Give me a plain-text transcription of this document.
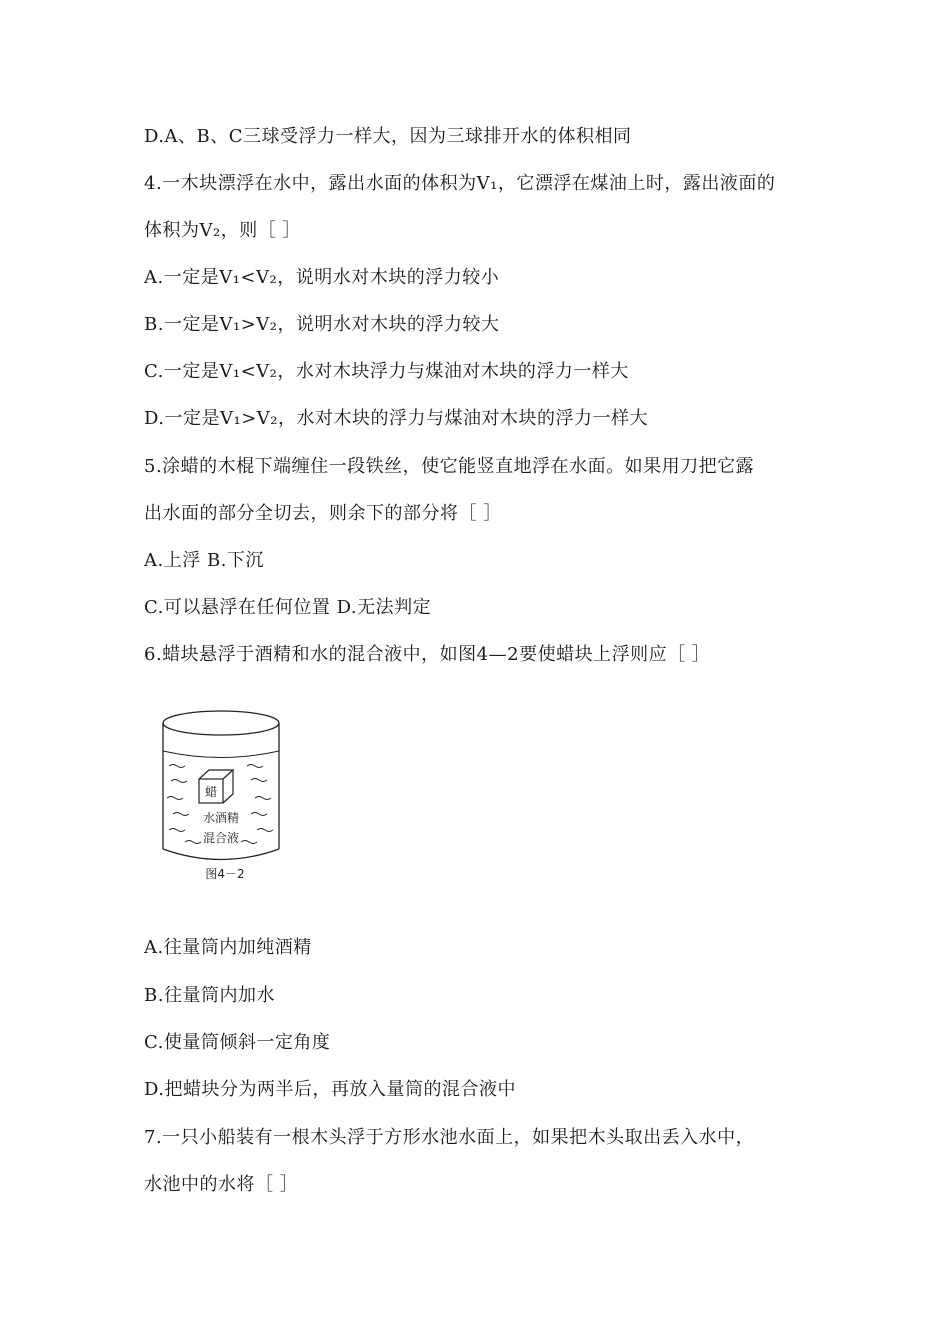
D.A、B、C三球受浮力一样大，因为三球排开水的体积相同
4.一木块漂浮在水中，露出水面的体积为V₁，它漂浮在煤油上时，露出液面的
体积为V₂，则［ ］
A.一定是V₁<V₂，说明水对木块的浮力较小
B.一定是V₁>V₂，说明水对木块的浮力较大
C.一定是V₁<V₂，水对木块浮力与煤油对木块的浮力一样大
D.一定是V₁>V₂，水对木块的浮力与煤油对木块的浮力一样大
5.涂蜡的木棍下端缠住一段铁丝，使它能竖直地浮在水面。如果用刀把它露
出水面的部分全切去，则余下的部分将［ ］
A.上浮 B.下沉
C.可以悬浮在任何位置 D.无法判定
6.蜡块悬浮于酒精和水的混合液中，如图4—2要使蜡块上浮则应［ ］
蜡
水酒精
混合液
图4－2
A.往量筒内加纯酒精
B.往量筒内加水
C.使量筒倾斜一定角度
D.把蜡块分为两半后，再放入量筒的混合液中
7.一只小船装有一根木头浮于方形水池水面上，如果把木头取出丢入水中，
水池中的水将［ ］
